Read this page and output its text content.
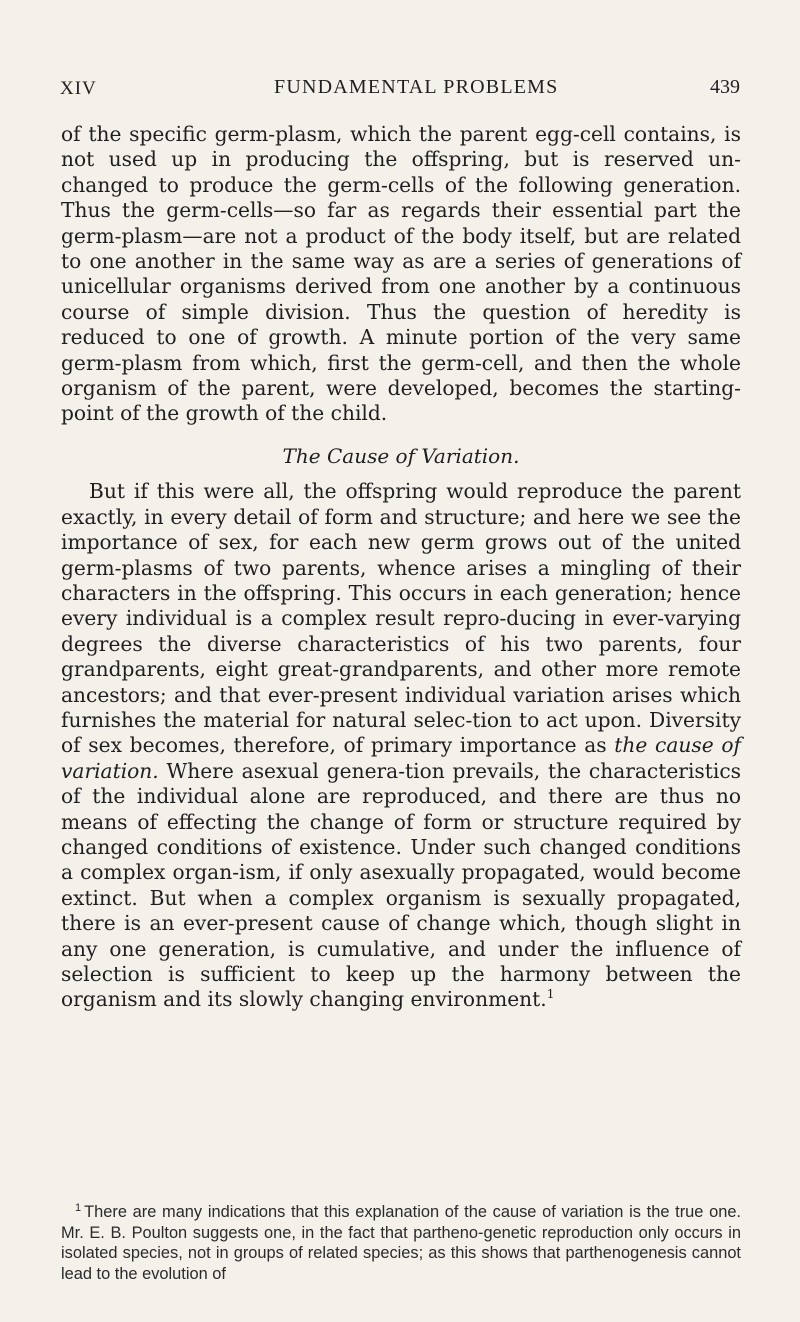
XIV	FUNDAMENTAL PROBLEMS	439

of the specific germ-plasm, which the parent egg-cell contains, is not used up in producing the offspring, but is reserved un-changed to produce the germ-cells of the following generation. Thus the germ-cells—so far as regards their essential part the germ-plasm—are not a product of the body itself, but are related to one another in the same way as are a series of generations of unicellular organisms derived from one another by a continuous course of simple division. Thus the question of heredity is reduced to one of growth. A minute portion of the very same germ-plasm from which, first the germ-cell, and then the whole organism of the parent, were developed, becomes the starting-point of the growth of the child.

The Cause of Variation.

But if this were all, the offspring would reproduce the parent exactly, in every detail of form and structure; and here we see the importance of sex, for each new germ grows out of the united germ-plasms of two parents, whence arises a mingling of their characters in the offspring. This occurs in each generation; hence every individual is a complex result repro-ducing in ever-varying degrees the diverse characteristics of his two parents, four grandparents, eight great-grandparents, and other more remote ancestors; and that ever-present individual variation arises which furnishes the material for natural selec-tion to act upon. Diversity of sex becomes, therefore, of primary importance as the cause of variation. Where asexual genera-tion prevails, the characteristics of the individual alone are reproduced, and there are thus no means of effecting the change of form or structure required by changed conditions of existence. Under such changed conditions a complex organ-ism, if only asexually propagated, would become extinct. But when a complex organism is sexually propagated, there is an ever-present cause of change which, though slight in any one generation, is cumulative, and under the influence of selection is sufficient to keep up the harmony between the organism and its slowly changing environment.$^1$

$^1$ There are many indications that this explanation of the cause of variation is the true one. Mr. E. B. Poulton suggests one, in the fact that partheno-genetic reproduction only occurs in isolated species, not in groups of related species; as this shows that parthenogenesis cannot lead to the evolution of
